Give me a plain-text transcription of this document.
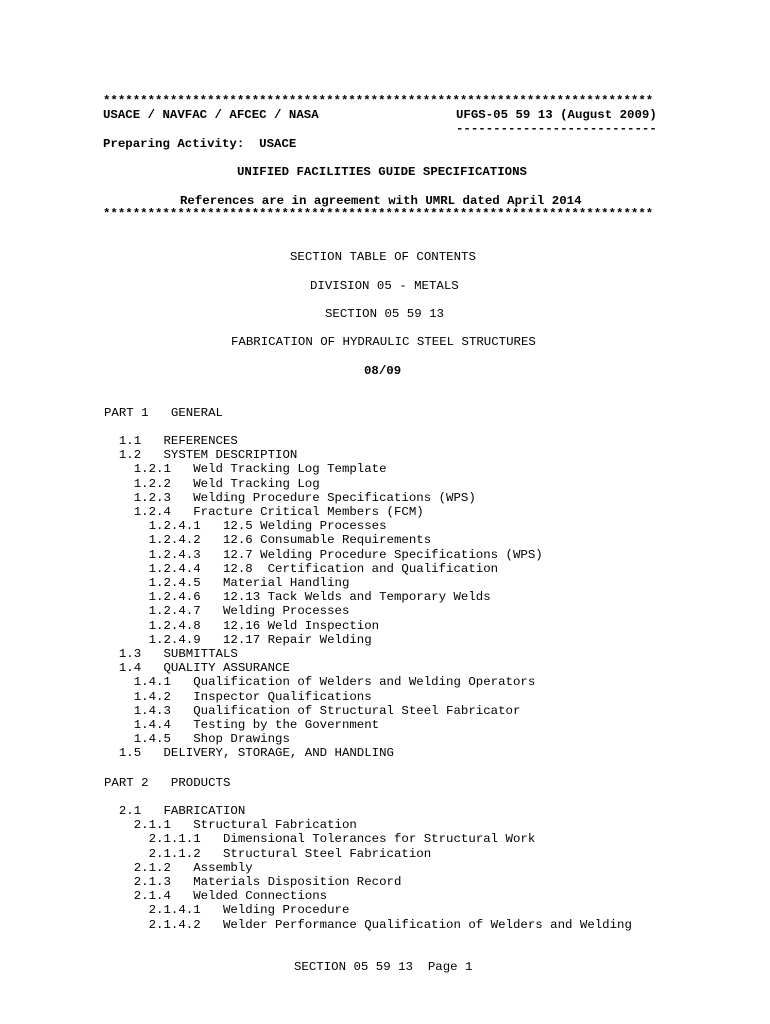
**************************************************************************
USACE / NAVFAC / AFCEC / NASA	UFGS-05 59 13 (August 2009)
---------------------------
Preparing Activity:  USACE
UNIFIED FACILITIES GUIDE SPECIFICATIONS
References are in agreement with UMRL dated April 2014
**************************************************************************
SECTION TABLE OF CONTENTS
DIVISION 05 - METALS
SECTION 05 59 13
FABRICATION OF HYDRAULIC STEEL STRUCTURES
08/09
PART 1   GENERAL
1.1   REFERENCES
1.2   SYSTEM DESCRIPTION
1.2.1   Weld Tracking Log Template
1.2.2   Weld Tracking Log
1.2.3   Welding Procedure Specifications (WPS)
1.2.4   Fracture Critical Members (FCM)
1.2.4.1   12.5 Welding Processes
1.2.4.2   12.6 Consumable Requirements
1.2.4.3   12.7 Welding Procedure Specifications (WPS)
1.2.4.4   12.8  Certification and Qualification
1.2.4.5   Material Handling
1.2.4.6   12.13 Tack Welds and Temporary Welds
1.2.4.7   Welding Processes
1.2.4.8   12.16 Weld Inspection
1.2.4.9   12.17 Repair Welding
1.3   SUBMITTALS
1.4   QUALITY ASSURANCE
1.4.1   Qualification of Welders and Welding Operators
1.4.2   Inspector Qualifications
1.4.3   Qualification of Structural Steel Fabricator
1.4.4   Testing by the Government
1.4.5   Shop Drawings
1.5   DELIVERY, STORAGE, AND HANDLING
PART 2   PRODUCTS
2.1   FABRICATION
2.1.1   Structural Fabrication
2.1.1.1   Dimensional Tolerances for Structural Work
2.1.1.2   Structural Steel Fabrication
2.1.2   Assembly
2.1.3   Materials Disposition Record
2.1.4   Welded Connections
2.1.4.1   Welding Procedure
2.1.4.2   Welder Performance Qualification of Welders and Welding
SECTION 05 59 13  Page 1
